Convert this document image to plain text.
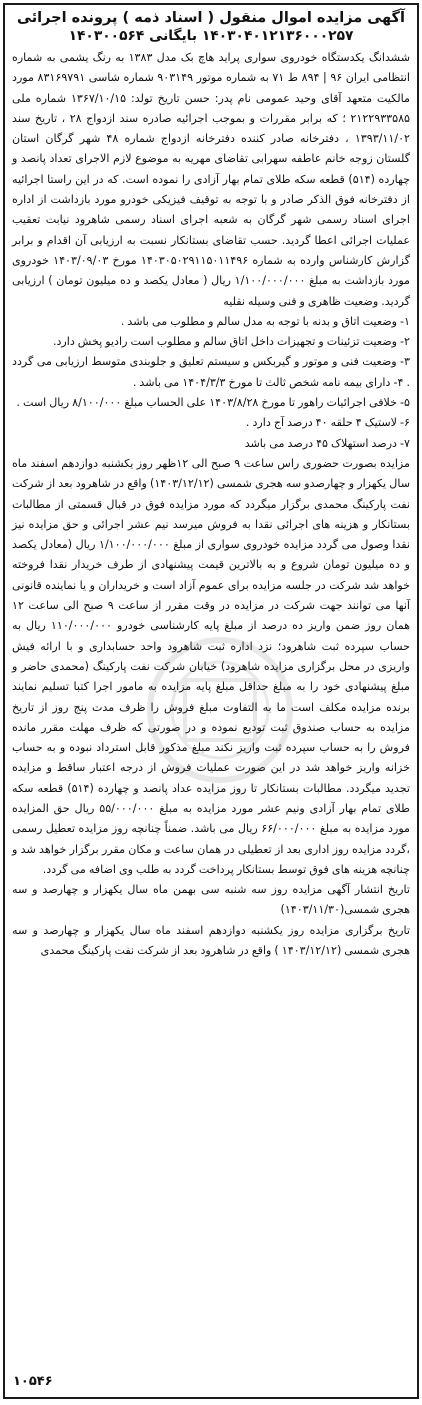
آگهی مزایده اموال منقول ( اسناد ذمه ) پرونده اجرائی
۱۴۰۳۰۴۰۱۲۱۳۶۰۰۰۲۵۷ بایگانی ۱۴۰۳۰۰۵۶۴

ششدانگ یکدستگاه خودروی سواری پراید هاچ بک مدل ۱۳۸۳ به رنگ یشمی به شماره انتظامی ایران ۹۶ | ۸۹۴ ط ۷۱ به شماره موتور ۹۰۳۱۴۹ شماره شاسی ۸۳۱۶۹۷۹۱ مورد مالکیت متعهد آقای وحید عمومی نام پدر: حسن تاریخ تولد: ۱۳۶۷/۱۰/۱۵ شماره ملی ۲۱۲۲۹۳۳۵۸۵ ؛ که برابر مقررات و بموجب اجرائیه صادره سند ازدواج ۲۸ ، تاریخ سند ۱۳۹۳/۱۱/۰۲ ، دفترخانه صادر کننده دفترخانه ازدواج شماره ۴۸ شهر گرگان استان گلستان زوجه خانم عاطفه سهرابی تقاضای مهریه به موضوع لازم الاجرای تعداد پانصد و چهارده (۵۱۴) قطعه سکه طلای تمام بهار آزادی را نموده است. که در این راستا اجرائیه از دفترخانه فوق الذکر صادر و با توجه به توقیف فیزیکی خودرو مورد بازداشت از اداره اجرای اسناد رسمی شهر گرگان به شعبه اجرای اسناد رسمی شاهرود نیابت تعقیب عملیات اجرائی اعطا گردید. حسب تقاضای بستانکار نسبت به ارزیابی آن اقدام و برابر گزارش کارشناس وارده به شماره ۱۴۰۳۰۵۰۲۹۱۱۵۰۱۱۴۹۶ مورخ ۱۴۰۳/۰۹/۰۳ خودروی مورد بازداشت به مبلغ ۱/۱۰۰/۰۰۰/۰۰۰ ریال ( معادل یکصد و ده میلیون تومان ) ارزیابی گردید. وضعیت ظاهری و فنی وسیله نقلیه

۱- وضعیت اتاق و بدنه با توجه به مدل سالم و مطلوب می باشد .

۲- وضعیت تزئینات و تجهیزات داخل اتاق سالم و مطلوب است رادیو پخش دارد.

۳- وضعیت فنی و موتور و گیربکس و سیستم تعلیق و جلوبندی متوسط ارزیابی می گردد . ۴- دارای بیمه نامه شخص ثالث تا مورخ ۱۴۰۴/۳/۳ می باشد .

۵- خلافی اجرائیات راهور تا مورخ ۱۴۰۳/۸/۲۸ علی الحساب مبلغ ۸/۱۰۰/۰۰۰ ریال است .

۶- لاستیک ۴ حلقه ۴۰ درصد آج دارد .

۷- درصد استهلاک ۴۵ درصد می باشد

مزایده بصورت حضوری راس ساعت ۹ صبح الی ۱۲ظهر روز یکشنبه دوازدهم اسفند ماه سال یکهزار و چهارصدو سه هجری شمسی (۱۴۰۳/۱۲/۱۲) واقع در شاهرود بعد از شرکت نفت پارکینگ محمدی برگزار میگردد که مورد مزایده فوق در قبال قسمتی از مطالبات بستانکار و هزینه های اجرائی نقدا به فروش میرسد نیم عشر اجرائی و حق مزایده نیز نقدا وصول می گردد مزایده خودروی سواری از مبلغ ۱/۱۰۰/۰۰۰/۰۰۰ ریال (معادل یکصد و ده میلیون تومان شروع و به بالاترین قیمت پیشنهادی از طرف خریدار نقدا فروخته خواهد شد شرکت در جلسه مزایده برای عموم آزاد است و خریداران و یا نماینده قانونی آنها می توانند جهت شرکت در مزایده در وقت مقرر از ساعت ۹ صبح الی ساعت ۱۲ همان روز ضمن واریز ده درصد از مبلغ پایه کارشناسی خودرو ۱۱۰/۰۰۰/۰۰۰ ریال به حساب سپرده ثبت شاهرود؛ نزد اداره ثبت شاهرود واحد حسابداری و با ارائه فیش واریزی در محل برگزاری مزایده شاهرود) خیابان شرکت نفت پارکینگ (محمدی حاضر و مبلغ پیشنهادی خود را به مبلغ حداقل مبلغ پایه مزایده به مامور اجرا کتبا تسلیم نمایند برنده مزایده مکلف است ما به التفاوت مبلغ فروش را ظرف مدت پنج روز از تاریخ مزایده به حساب صندوق ثبت تودیع نموده و در صورتی که ظرف مهلت مقرر مانده فروش را به حساب سپرده ثبت واریز نکند مبلغ مذکور قابل استرداد نبوده و به حساب خزانه واریز خواهد شد در این صورت عملیات فروش از درجه اعتبار ساقط و مزایده تجدید میگردد. مطالبات بستانکار تا روز مزایده عداد پانصد و چهارده (۵۱۴) قطعه سکه طلای تمام بهار آزادی ونیم عشر مورد مزایده به مبلغ ۵۵/۰۰۰/۰۰۰ ریال حق المزایده مورد مزایده به مبلغ ۶۶/۰۰۰/۰۰۰ ریال می باشد. ضمناً چنانچه روز مزایده تعطیل رسمی ،گردد مزایده روز اداری بعد از تعطیلی در همان ساعت و مکان مقرر برگزار خواهد شد و چنانچه هزینه های فوق توسط بستانکار پرداخت گردد به طلب وی اضافه می گردد.

تاریخ انتشار آگهی مزایده روز سه شنبه سی بهمن ماه سال یکهزار و چهارصد و سه هجری شمسی(۱۴۰۳/۱۱/۳۰)

تاریخ برگزاری مزایده روز یکشنبه دوازدهم اسفند ماه سال یکهزار و چهارصد و سه هجری شمسی (۱۴۰۳/۱۲/۱۲ ) واقع در شاهرود بعد از شرکت نفت پارکینگ محمدی

۱۰۵۴۶
